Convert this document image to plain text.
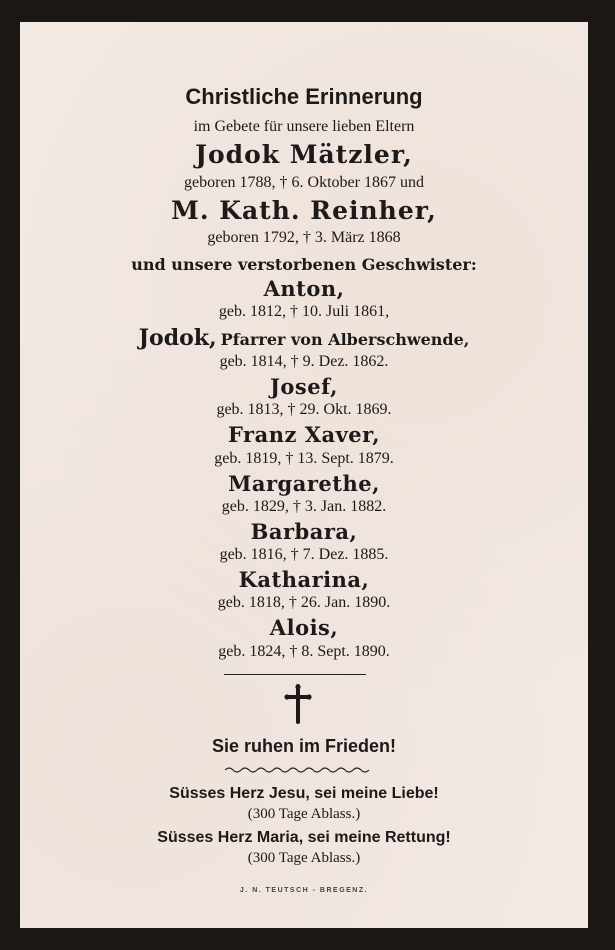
Christliche Erinnerung
im Gebete für unsere lieben Eltern
Jodok Mätzler,
geboren 1788, † 6. Oktober 1867 und
M. Kath. Reinher,
geboren 1792, † 3. März 1868
und unsere verstorbenen Geschwister:
Anton,
geb. 1812, † 10. Juli 1861,
Jodok, Pfarrer von Alberschwende,
geb. 1814, † 9. Dez. 1862.
Josef,
geb. 1813, † 29. Okt. 1869.
Franz Xaver,
geb. 1819, † 13. Sept. 1879.
Margarethe,
geb. 1829, † 3. Jan. 1882.
Barbara,
geb. 1816, † 7. Dez. 1885.
Katharina,
geb. 1818, † 26. Jan. 1890.
Alois,
geb. 1824, † 8. Sept. 1890.
Sie ruhen im Frieden!
Süsses Herz Jesu, sei meine Liebe!
(300 Tage Ablass.)
Süsses Herz Maria, sei meine Rettung!
(300 Tage Ablass.)
J. N. TEUTSCH - BREGENZ.
